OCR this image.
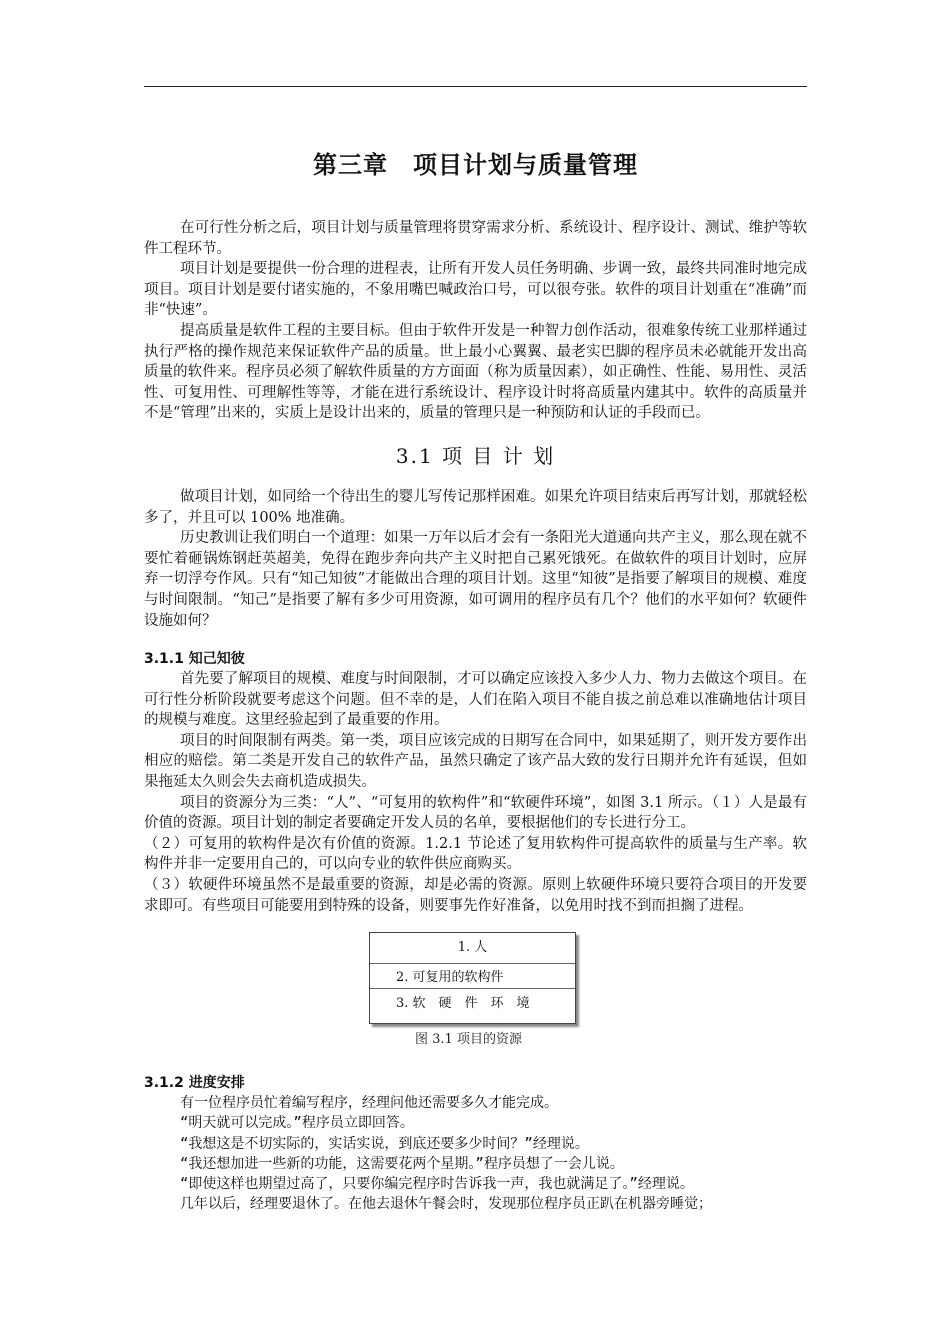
第三章　项目计划与质量管理

在可行性分析之后，项目计划与质量管理将贯穿需求分析、系统设计、程序设计、测试、维护等软件工程环节。

项目计划是要提供一份合理的进程表，让所有开发人员任务明确、步调一致，最终共同准时地完成项目。项目计划是要付诸实施的，不象用嘴巴喊政治口号，可以很夸张。软件的项目计划重在“准确”而非“快速”。

提高质量是软件工程的主要目标。但由于软件开发是一种智力创作活动，很难象传统工业那样通过执行严格的操作规范来保证软件产品的质量。世上最小心翼翼、最老实巴脚的程序员未必就能开发出高质量的软件来。程序员必须了解软件质量的方方面面（称为质量因素），如正确性、性能、易用性、灵活性、可复用性、可理解性等等，才能在进行系统设计、程序设计时将高质量内建其中。软件的高质量并不是“管理”出来的，实质上是设计出来的，质量的管理只是一种预防和认证的手段而已。

3.1 项 目 计 划

做项目计划，如同给一个待出生的婴儿写传记那样困难。如果允许项目结束后再写计划，那就轻松多了，并且可以 100% 地准确。

历史教训让我们明白一个道理：如果一万年以后才会有一条阳光大道通向共产主义，那么现在就不要忙着砸锅炼钢赶英超美，免得在跑步奔向共产主义时把自己累死饿死。在做软件的项目计划时，应屏弃一切浮夸作风。只有“知己知彼”才能做出合理的项目计划。这里“知彼”是指要了解项目的规模、难度与时间限制。“知己”是指要了解有多少可用资源，如可调用的程序员有几个？他们的水平如何？软硬件设施如何？

3.1.1 知己知彼

首先要了解项目的规模、难度与时间限制，才可以确定应该投入多少人力、物力去做这个项目。在可行性分析阶段就要考虑这个问题。但不幸的是，人们在陷入项目不能自拔之前总难以准确地估计项目的规模与难度。这里经验起到了最重要的作用。

项目的时间限制有两类。第一类，项目应该完成的日期写在合同中，如果延期了，则开发方要作出相应的赔偿。第二类是开发自己的软件产品，虽然只确定了该产品大致的发行日期并允许有延误，但如果拖延太久则会失去商机造成损失。

项目的资源分为三类：“人”、“可复用的软构件”和“软硬件环境”，如图 3.1 所示。（１）人是最有价值的资源。项目计划的制定者要确定开发人员的名单，要根据他们的专长进行分工。

（２）可复用的软构件是次有价值的资源。1.2.1 节论述了复用软构件可提高软件的质量与生产率。软构件并非一定要用自己的，可以向专业的软件供应商购买。

（３）软硬件环境虽然不是最重要的资源，却是必需的资源。原则上软硬件环境只要符合项目的开发要求即可。有些项目可能要用到特殊的设备，则要事先作好准备，以免用时找不到而担搁了进程。

1. 人
2. 可复用的软构件
3. 软　硬　件　环　境
图 3.1 项目的资源
3.1.2 进度安排

有一位程序员忙着编写程序，经理问他还需要多久才能完成。

“明天就可以完成。”程序员立即回答。

“我想这是不切实际的，实话实说，到底还要多少时间？”经理说。

“我还想加进一些新的功能，这需要花两个星期。”程序员想了一会儿说。

“即使这样也期望过高了，只要你编完程序时告诉我一声，我也就满足了。”经理说。

几年以后，经理要退休了。在他去退休午餐会时，发现那位程序员正趴在机器旁睡觉；
